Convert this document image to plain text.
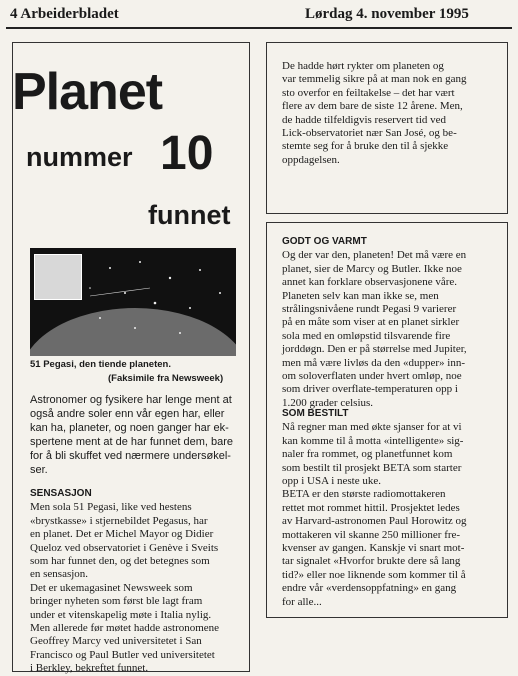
4 Arbeiderbladet	Lørdag 4. november 1995
Planet
nummer 10
funnet
51 Pegasi, den tiende planeten.
(Faksimile fra Newsweek)
Astronomer og fysikere har lenge ment at
også andre soler enn vår egen har, eller
kan ha, planeter, og noen ganger har ek-
spertene ment at de har funnet dem, bare
for å bli skuffet ved nærmere undersøkel-
ser.
SENSASJON
Men sola 51 Pegasi, like ved hestens
«brystkasse» i stjernebildet Pegasus, har
en planet. Det er Michel Mayor og Didier
Queloz ved observatoriet i Genève i Sveits
som har funnet den, og det betegnes som
en sensasjon.
Det er ukemagasinet Newsweek som
bringer nyheten som først ble lagt fram
under et vitenskapelig møte i Italia nylig.
Men allerede før møtet hadde astronomene
Geoffrey Marcy ved universitetet i San
Francisco og Paul Butler ved universitetet
i Berkley, bekreftet funnet.
De hadde hørt rykter om planeten og
var temmelig sikre på at man nok en gang
sto overfor en feiltakelse – det har vært
flere av dem bare de siste 12 årene. Men,
de hadde tilfeldigvis reservert tid ved
Lick-observatoriet nær San José, og be-
stemte seg for å bruke den til å sjekke
oppdagelsen.
GODT OG VARMT
Og der var den, planeten! Det må være en
planet, sier de Marcy og Butler. Ikke noe
annet kan forklare observasjonene våre.
Planeten selv kan man ikke se, men
strålingsnivåene rundt Pegasi 9 varierer
på en måte som viser at en planet sirkler
sola med en omløpstid tilsvarende fire
jorddøgn. Den er på størrelse med Jupiter,
men må være livløs da den «dupper» inn-
om soloverflaten under hvert omløp, noe
som driver overflate-temperaturen opp i
1.200 grader celsius.
SOM BESTILT
Nå regner man med økte sjanser for at vi
kan komme til å motta «intelligente» sig-
naler fra rommet, og planetfunnet kom
som bestilt til prosjekt BETA som starter
opp i USA i neste uke.
BETA er den største radiomottakeren
rettet mot rommet hittil. Prosjektet ledes
av Harvard-astronomen Paul Horowitz og
mottakeren vil skanne 250 millioner fre-
kvenser av gangen. Kanskje vi snart mot-
tar signalet «Hvorfor brukte dere så lang
tid?» eller noe liknende som kommer til å
endre vår «verdensoppfatning» en gang
for alle...
